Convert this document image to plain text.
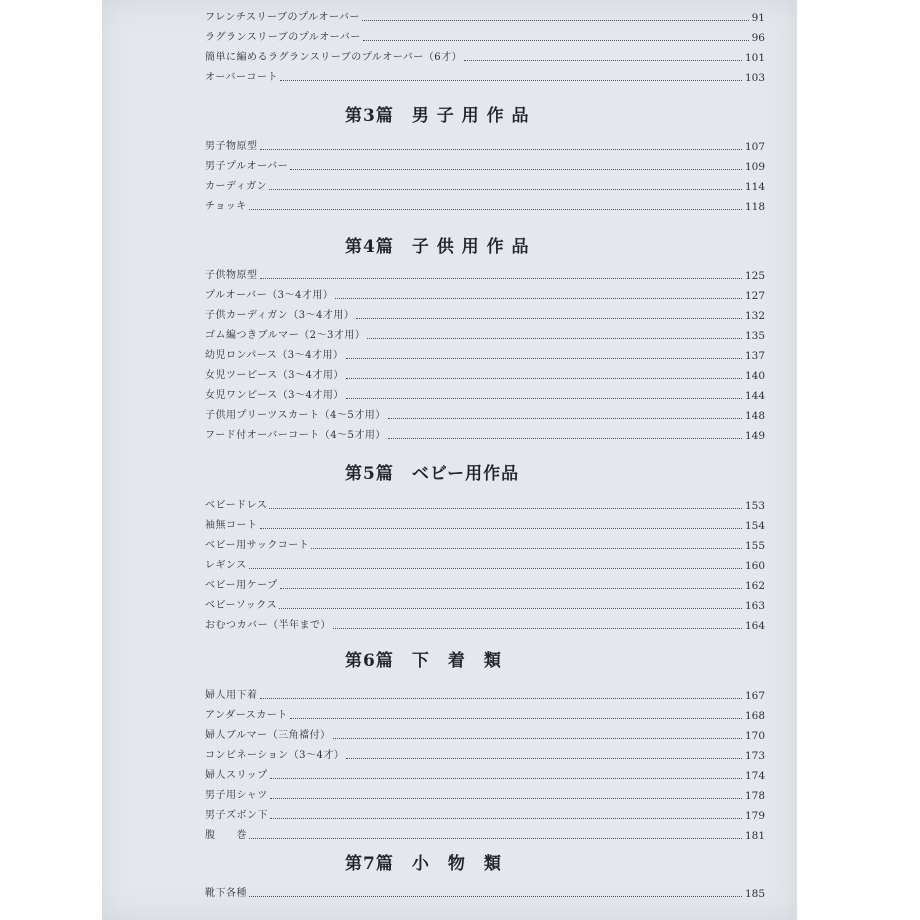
フレンチスリーブのプルオーバー	91
ラグランスリーブのプルオーバー	96
簡単に編めるラグランスリーブのプルオーバー（6才）	101
オーバーコート	103
第3篇 男 子 用 作 品
男子物原型	107
男子プルオーバー	109
カーディガン	114
チョッキ	118
第4篇 子 供 用 作 品
子供物原型	125
プルオーバー（3〜4才用）	127
子供カーディガン（3〜4才用）	132
ゴム編つきブルマー（2〜3才用）	135
幼児ロンパース（3〜4才用）	137
女児ツーピース（3〜4才用）	140
女児ワンピース（3〜4才用）	144
子供用プリーツスカート（4〜5才用）	148
フード付オーバーコート（4〜5才用）	149
第5篇 ベビー用作品
ベビードレス	153
袖無コート	154
ベビー用サックコート	155
レギンス	160
ベビー用ケープ	162
ベビーソックス	163
おむつカバー（半年まで）	164
第6篇 下　着　類
婦人用下着	167
アンダースカート	168
婦人ブルマー（三角襠付）	170
コンビネーション（3〜4才）	173
婦人スリップ	174
男子用シャツ	178
男子ズボン下	179
腹　　巻	181
第7篇 小　物　類
靴下各種	185
